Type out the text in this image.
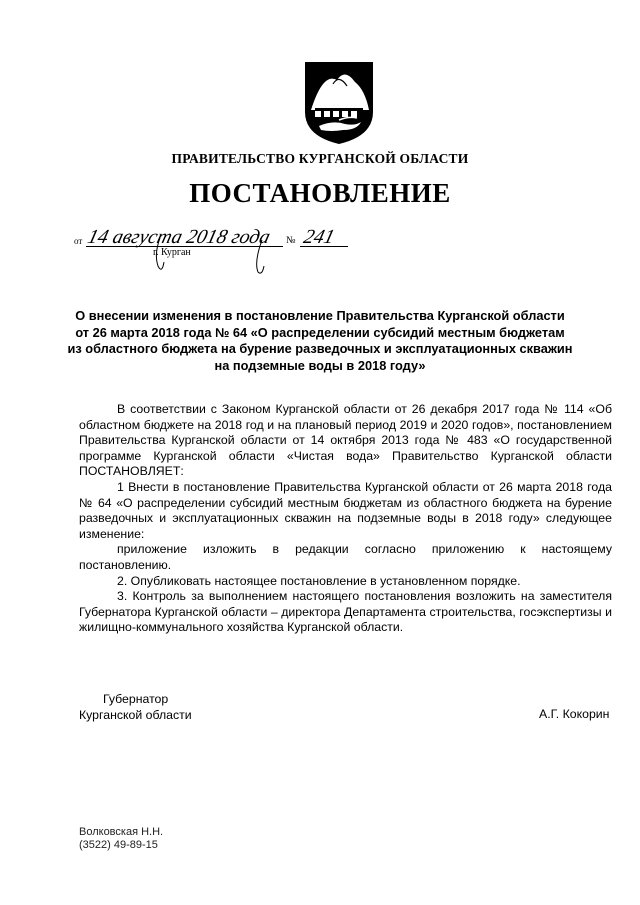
ПРАВИТЕЛЬСТВО КУРГАНСКОЙ ОБЛАСТИ
ПОСТАНОВЛЕНИЕ
от 14 августа 2018 года № 241
г. Курган
О внесении изменения в постановление Правительства Курганской области
от 26 марта 2018 года № 64 «О распределении субсидий местным бюджетам
из областного бюджета на бурение разведочных и эксплуатационных скважин
на подземные воды в 2018 году»

В соответствии с Законом Курганской области от 26 декабря 2017 года № 114 «Об областном бюджете на 2018 год и на плановый период 2019 и 2020 годов», постановлением Правительства Курганской области от 14 октября 2013 года № 483 «О государственной программе Курганской области «Чистая вода» Правительство Курганской области ПОСТАНОВЛЯЕТ:

1 Внести в постановление Правительства Курганской области от 26 марта 2018 года № 64 «О распределении субсидий местным бюджетам из областного бюджета на бурение разведочных и эксплуатационных скважин на подземные воды в 2018 году» следующее изменение:

приложение изложить в редакции согласно приложению к настоящему постановлению.

2. Опубликовать настоящее постановление в установленном порядке.

3. Контроль за выполнением настоящего постановления возложить на заместителя Губернатора Курганской области – директора Департамента строительства, госэкспертизы и жилищно-коммунального хозяйства Курганской области.

Губернатор
Курганской области	А.Г. Кокорин
Волковская Н.Н.
(3522) 49-89-15
